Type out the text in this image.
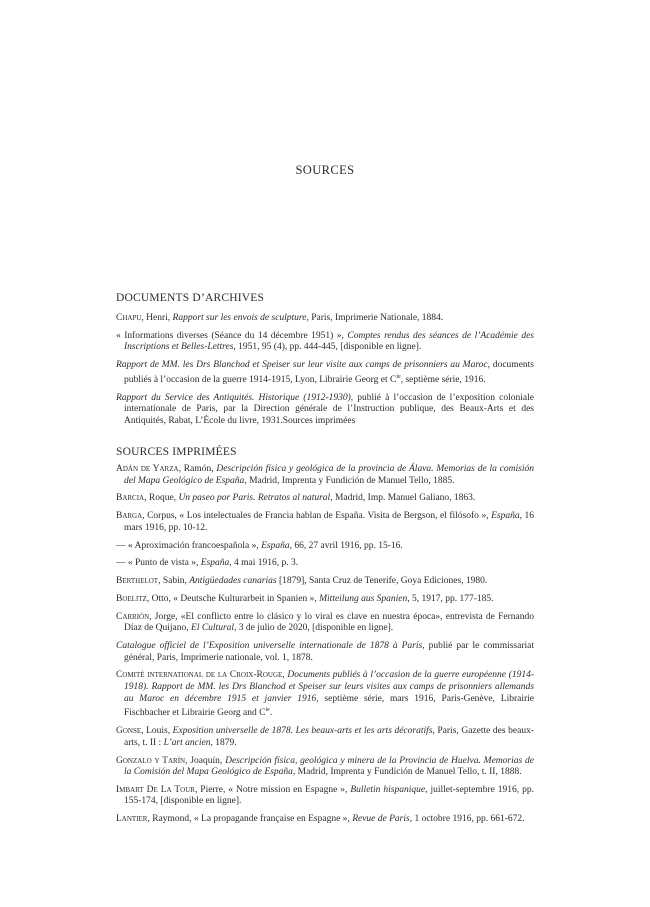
SOURCES
DOCUMENTS D’ARCHIVES
Chapu, Henri, Rapport sur les envois de sculpture, Paris, Imprimerie Nationale, 1884.
« Informations diverses (Séance du 14 décembre 1951) », Comptes rendus des séances de l’Académie des Inscriptions et Belles-Lettres, 1951, 95 (4), pp. 444-445, [disponible en ligne].
Rapport de MM. les Drs Blanchod et Speiser sur leur visite aux camps de prisonniers au Maroc, documents publiés à l’occasion de la guerre 1914-1915, Lyon, Librairie Georg et $C^{ie}$, septième série, 1916.
Rapport du Service des Antiquités. Historique (1912-1930), publié à l’occasion de l’exposition coloniale internationale de Paris, par la Direction générale de l’Instruction publique, des Beaux-Arts et des Antiquités, Rabat, L’École du livre, 1931.Sources imprimées
SOURCES IMPRIMÉES
Adán de Yarza, Ramón, Descripción física y geológica de la provincia de Álava. Memorias de la comisión del Mapa Geológico de España, Madrid, Imprenta y Fundición de Manuel Tello, 1885.
Barcia, Roque, Un paseo por Paris. Retratos al natural, Madrid, Imp. Manuel Galiano, 1863.
Barga, Corpus, « Los intelectuales de Francia hablan de España. Visita de Bergson, el filósofo », España, 16 mars 1916, pp. 10-12.
— « Aproximación francoespañola », España, 66, 27 avril 1916, pp. 15-16.
— « Punto de vista », España, 4 mai 1916, p. 3.
Berthelot, Sabin, Antigüedades canarias [1879], Santa Cruz de Tenerife, Goya Ediciones, 1980.
Boelitz, Otto, « Deutsche Kulturarbeit in Spanien », Mitteilung aus Spanien, 5, 1917, pp. 177-185.
Carrión, Jorge, «El conflicto entre lo clásico y lo viral es clave en nuestra época», entrevista de Fernando Díaz de Quijano, El Cultural, 3 de julio de 2020, [disponible en ligne].
Catalogue officiel de l’Exposition universelle internationale de 1878 à Paris, publié par le commissariat général, Paris, Imprimerie nationale, vol. 1, 1878.
Comité international de la Croix-Rouge, Documents publiés à l’occasion de la guerre européenne (1914-1918). Rapport de MM. les Drs Blanchod et Speiser sur leurs visites aux camps de prisonniers allemands au Maroc en décembre 1915 et janvier 1916, septième série, mars 1916, Paris-Genève, Librairie Fischbacher et Librairie Georg and $C^{ie}$.
Gonse, Louis, Exposition universelle de 1878. Les beaux-arts et les arts décoratifs, Paris, Gazette des beaux-arts, t. II : L’art ancien, 1879.
Gonzalo y Tarín, Joaquín, Descripción física, geológica y minera de la Provincia de Huelva. Memorias de la Comisión del Mapa Geológico de España, Madrid, Imprenta y Fundición de Manuel Tello, t. II, 1888.
Imbart De La Tour, Pierre, « Notre mission en Espagne », Bulletin hispanique, juillet-septembre 1916, pp. 155-174, [disponible en ligne].
Lantier, Raymond, « La propagande française en Espagne », Revue de Paris, 1 octobre 1916, pp. 661-672.
